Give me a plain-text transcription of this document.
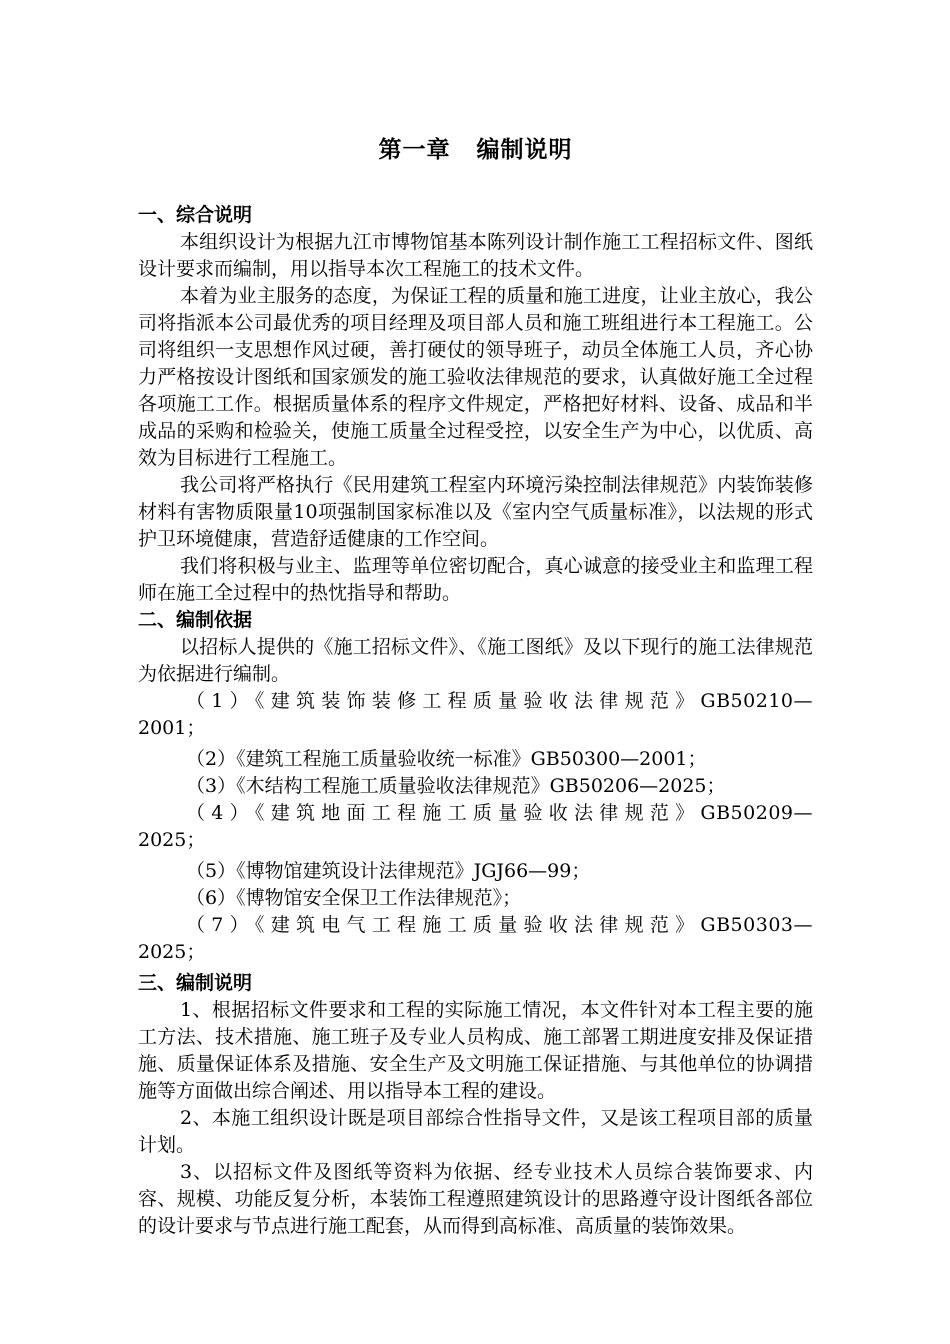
第一章 编制说明
一、综合说明

本组织设计为根据九江市博物馆基本陈列设计制作施工工程招标文件、图纸设计要求而编制，用以指导本次工程施工的技术文件。

本着为业主服务的态度，为保证工程的质量和施工进度，让业主放心，我公司将指派本公司最优秀的项目经理及项目部人员和施工班组进行本工程施工。公司将组织一支思想作风过硬，善打硬仗的领导班子，动员全体施工人员，齐心协力严格按设计图纸和国家颁发的施工验收法律规范的要求，认真做好施工全过程各项施工工作。根据质量体系的程序文件规定，严格把好材料、设备、成品和半成品的采购和检验关，使施工质量全过程受控，以安全生产为中心，以优质、高效为目标进行工程施工。

我公司将严格执行《民用建筑工程室内环境污染控制法律规范》内装饰装修材料有害物质限量10项强制国家标准以及《室内空气质量标准》，以法规的形式护卫环境健康，营造舒适健康的工作空间。

我们将积极与业主、监理等单位密切配合，真心诚意的接受业主和监理工程师在施工全过程中的热忱指导和帮助。

二、编制依据

以招标人提供的《施工招标文件》、《施工图纸》及以下现行的施工法律规范为依据进行编制。

（1）《建筑装饰装修工程质量验收法律规范》GB50210—

2001；

（2）《建筑工程施工质量验收统一标准》GB50300—2001；

（3）《木结构工程施工质量验收法律规范》GB50206—2025；

（4）《建筑地面工程施工质量验收法律规范》GB50209—

2025；

（5）《博物馆建筑设计法律规范》JGJ66—99；

（6）《博物馆安全保卫工作法律规范》；

（7）《建筑电气工程施工质量验收法律规范》GB50303—

2025；

三、编制说明

1、根据招标文件要求和工程的实际施工情况，本文件针对本工程主要的施工方法、技术措施、施工班子及专业人员构成、施工部署工期进度安排及保证措施、质量保证体系及措施、安全生产及文明施工保证措施、与其他单位的协调措施等方面做出综合阐述、用以指导本工程的建设。

2、本施工组织设计既是项目部综合性指导文件，又是该工程项目部的质量计划。

3、以招标文件及图纸等资料为依据、经专业技术人员综合装饰要求、内容、规模、功能反复分析，本装饰工程遵照建筑设计的思路遵守设计图纸各部位的设计要求与节点进行施工配套，从而得到高标准、高质量的装饰效果。
